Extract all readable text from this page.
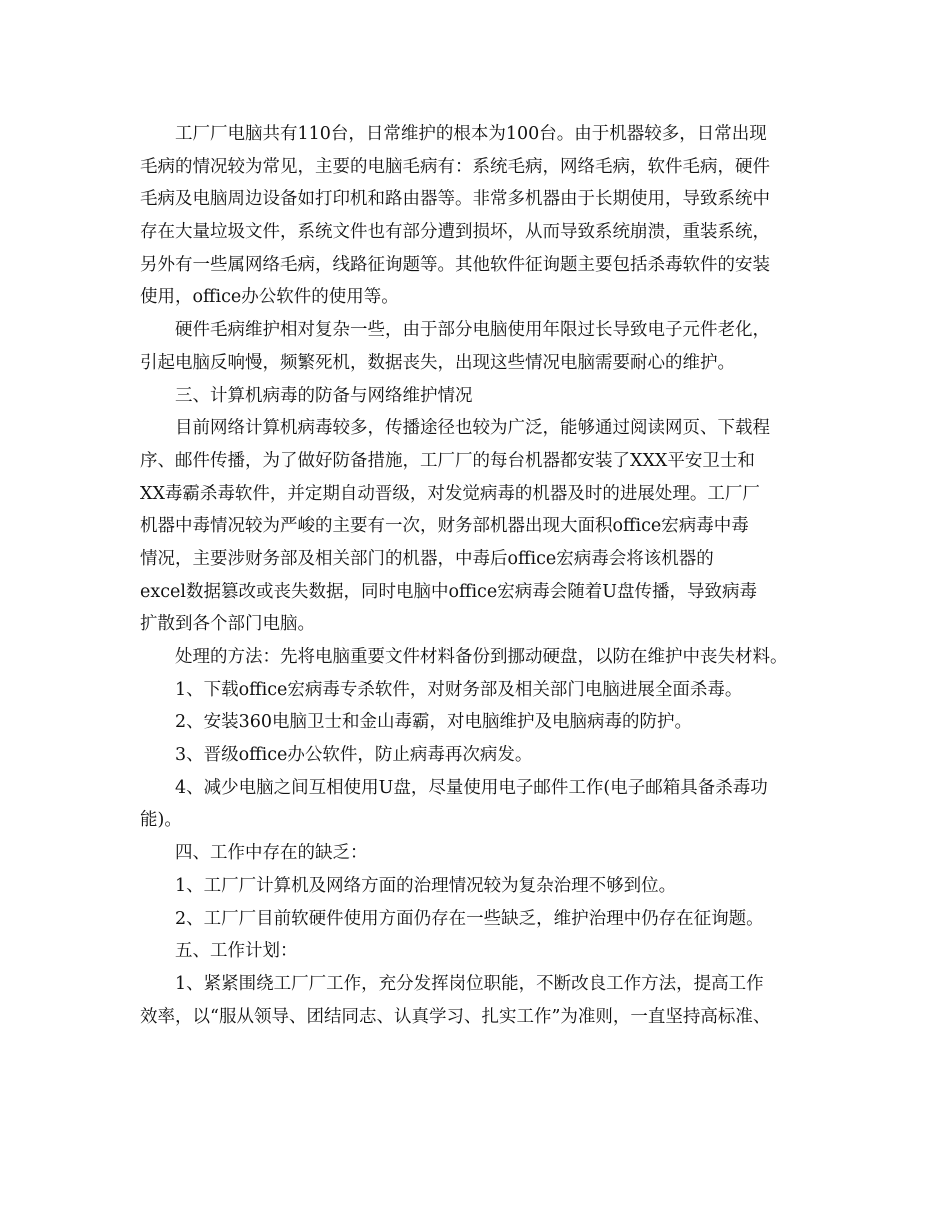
工厂厂电脑共有110台，日常维护的根本为100台。由于机器较多，日常出现
毛病的情况较为常见，主要的电脑毛病有：系统毛病，网络毛病，软件毛病，硬件
毛病及电脑周边设备如打印机和路由器等。非常多机器由于长期使用，导致系统中
存在大量垃圾文件，系统文件也有部分遭到损坏，从而导致系统崩溃，重装系统，
另外有一些属网络毛病，线路征询题等。其他软件征询题主要包括杀毒软件的安装
使用，office办公软件的使用等。
硬件毛病维护相对复杂一些，由于部分电脑使用年限过长导致电子元件老化，
引起电脑反响慢，频繁死机，数据丧失，出现这些情况电脑需要耐心的维护。
三、计算机病毒的防备与网络维护情况
目前网络计算机病毒较多，传播途径也较为广泛，能够通过阅读网页、下载程
序、邮件传播，为了做好防备措施，工厂厂的每台机器都安装了XXX平安卫士和
XX毒霸杀毒软件，并定期自动晋级，对发觉病毒的机器及时的进展处理。工厂厂
机器中毒情况较为严峻的主要有一次，财务部机器出现大面积office宏病毒中毒
情况，主要涉财务部及相关部门的机器，中毒后office宏病毒会将该机器的
excel数据篡改或丧失数据，同时电脑中office宏病毒会随着U盘传播，导致病毒
扩散到各个部门电脑。
处理的方法：先将电脑重要文件材料备份到挪动硬盘，以防在维护中丧失材料。
1、下载office宏病毒专杀软件，对财务部及相关部门电脑进展全面杀毒。
2、安装360电脑卫士和金山毒霸，对电脑维护及电脑病毒的防护。
3、晋级office办公软件，防止病毒再次病发。
4、减少电脑之间互相使用U盘，尽量使用电子邮件工作(电子邮箱具备杀毒功
能)。
四、工作中存在的缺乏：
1、工厂厂计算机及网络方面的治理情况较为复杂治理不够到位。
2、工厂厂目前软硬件使用方面仍存在一些缺乏，维护治理中仍存在征询题。
五、工作计划：
1、紧紧围绕工厂厂工作，充分发挥岗位职能，不断改良工作方法，提高工作
效率，以“服从领导、团结同志、认真学习、扎实工作”为准则，一直坚持高标准、
